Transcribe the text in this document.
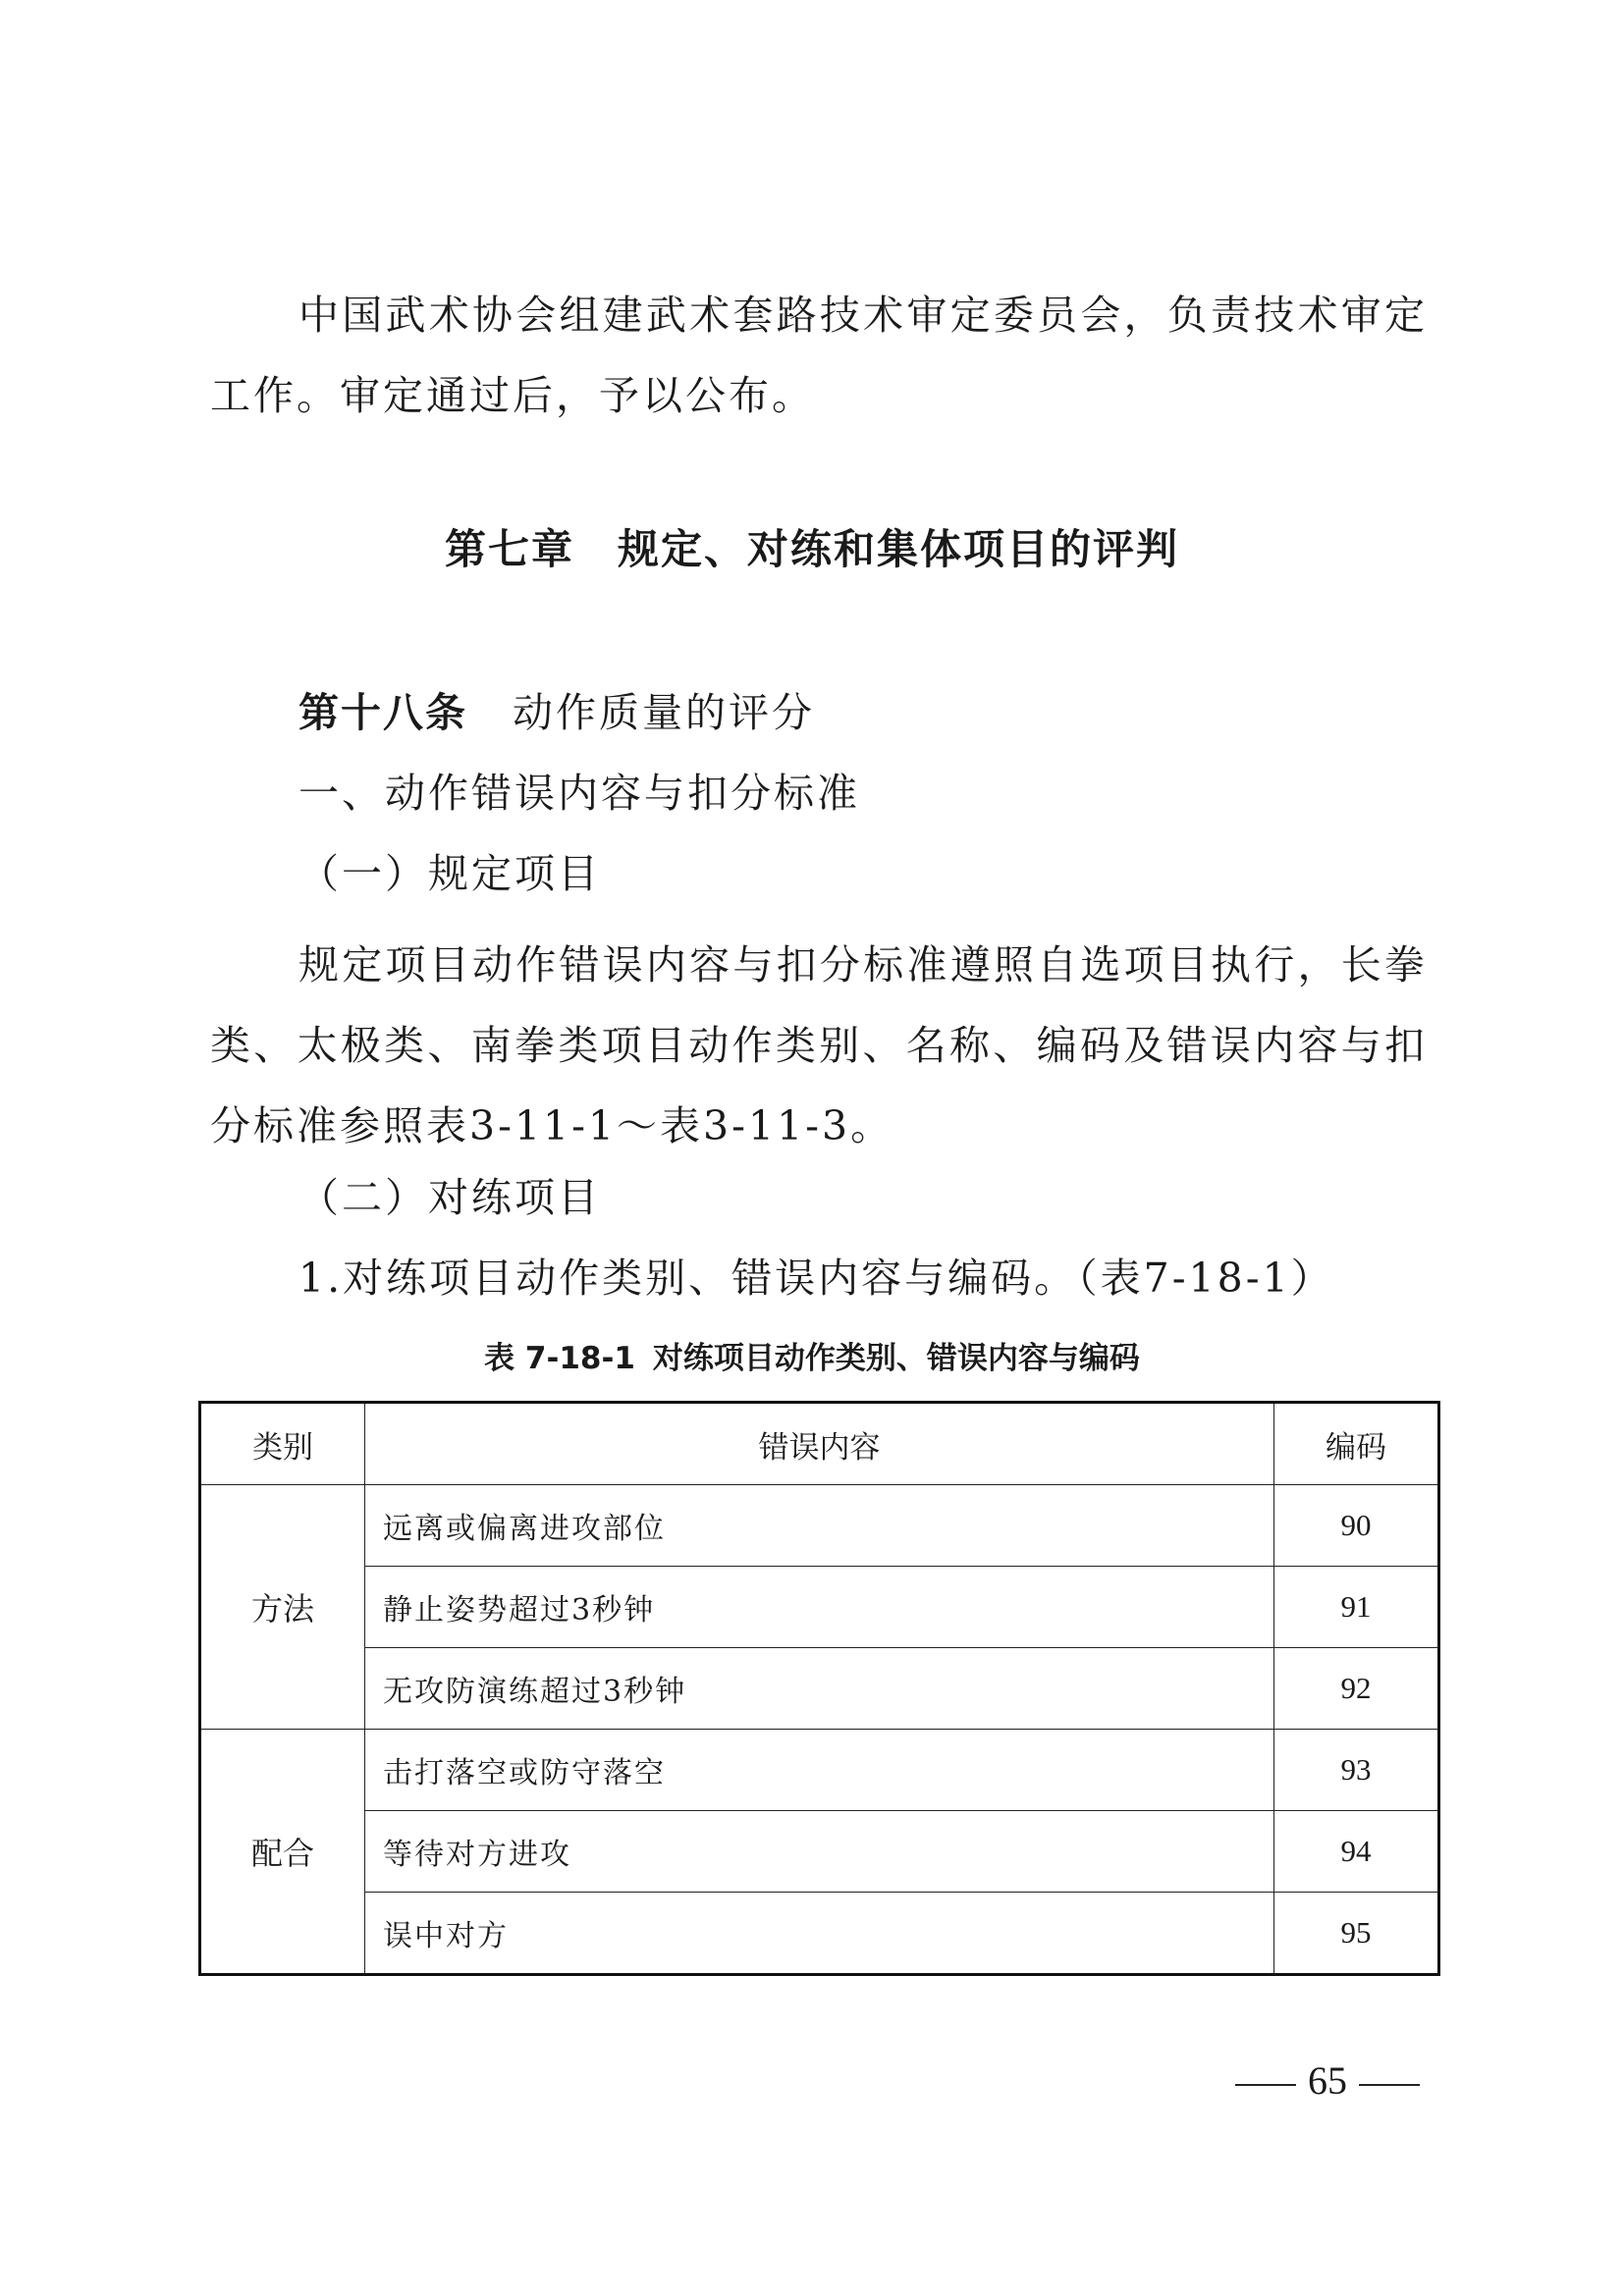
中国武术协会组建武术套路技术审定委员会，负责技术审定工作。审定通过后，予以公布。

第七章 规定、对练和集体项目的评判
第十八条 动作质量的评分
一、动作错误内容与扣分标准
（一）规定项目

规定项目动作错误内容与扣分标准遵照自选项目执行，长拳类、太极类、南拳类项目动作类别、名称、编码及错误内容与扣分标准参照表3-11-1～表3-11-3。

（二）对练项目
1.对练项目动作类别、错误内容与编码。（表7-18-1）
表 7-18-1 对练项目动作类别、错误内容与编码
类别	错误内容	编码
方法	远离或偏离进攻部位	90
	静止姿势超过3秒钟	91
	无攻防演练超过3秒钟	92
配合	击打落空或防守落空	93
	等待对方进攻	94
	误中对方	95
65
